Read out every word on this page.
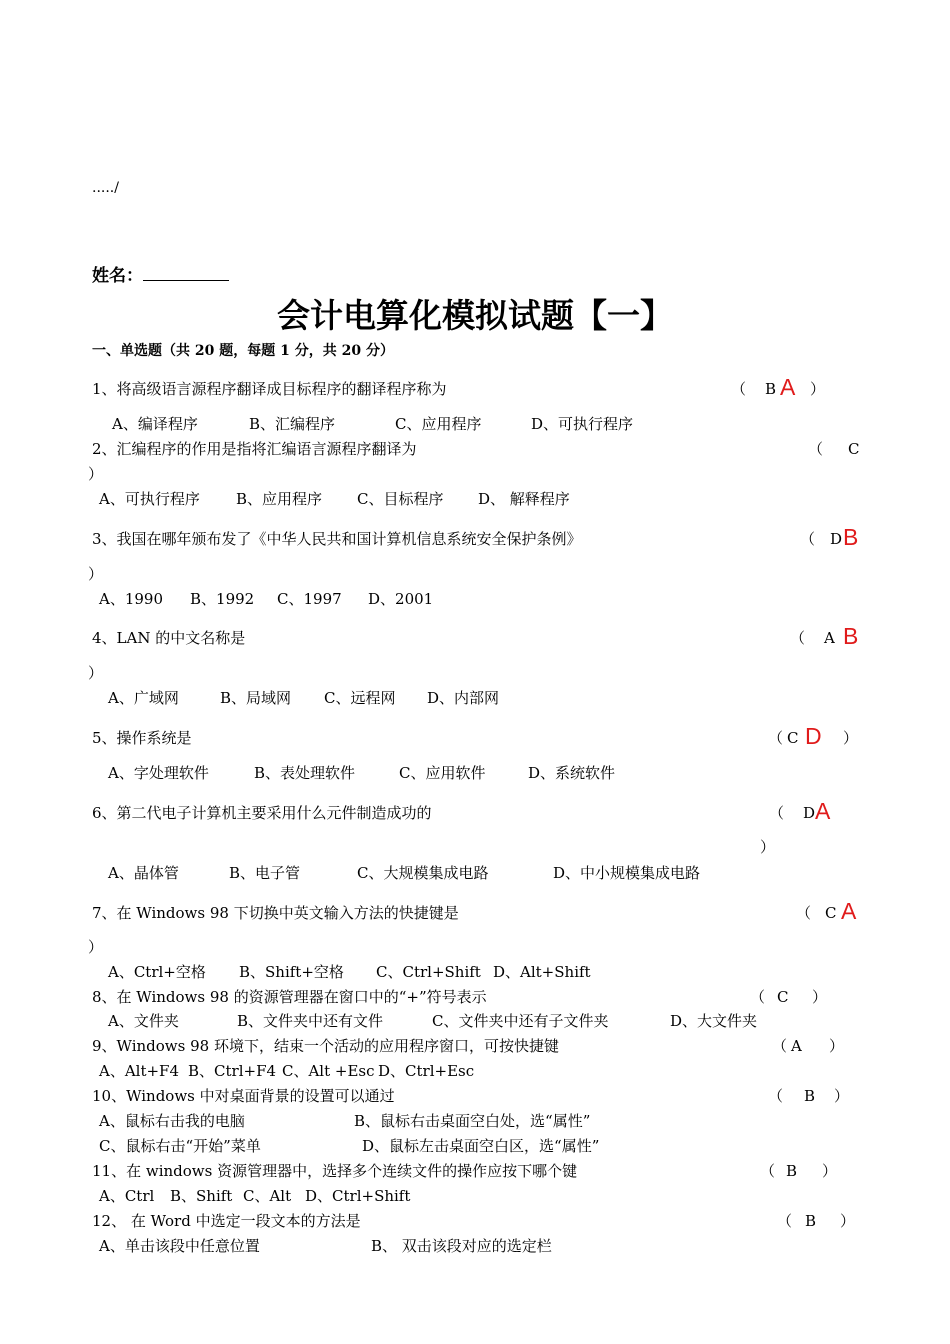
...../
姓名：
会计电算化模拟试题【一】
一、单选题（共 20 题，每题 1 分，共 20 分）
1、将高级语言源程序翻译成目标程序的翻译程序称为	（ B A ）
A、编译程序	B、汇编程序	C、应用程序	D、可执行程序
2、汇编程序的作用是指将汇编语言源程序翻译为	（ C
）
A、可执行程序 B、应用程序 C、目标程序 D、 解释程序
3、我国在哪年颁布发了《中华人民共和国计算机信息系统安全保护条例》	（ D B
）
A、1990 B、1992 C、1997 D、2001
4、LAN 的中文名称是	（ A B
）
A、广域网	B、局域网 C、远程网 D、内部网
5、操作系统是	（ C D ）
A、字处理软件	B、表处理软件	C、应用软件	D、系统软件
6、第二代电子计算机主要采用什么元件制造成功的	（ D A
）
A、晶体管	B、电子管	C、大规模集成电路	D、中小规模集成电路
7、在 Windows 98 下切换中英文输入方法的快捷键是	（ C A
）
A、Ctrl+空格 B、Shift+空格 C、Ctrl+Shift D、Alt+Shift
8、在 Windows 98 的资源管理器在窗口中的“+”符号表示	（ C ）
A、文件夹	B、文件夹中还有文件	C、文件夹中还有子文件夹	D、大文件夹
9、Windows 98 环境下，结束一个活动的应用程序窗口，可按快捷键	（ A ）
A、Alt+F4 B、Ctrl+F4 C、Alt +Esc D、Ctrl+Esc
10、Windows 中对桌面背景的设置可以通过	（ B ）
A、鼠标右击我的电脑	B、鼠标右击桌面空白处，选“属性”
C、鼠标右击“开始”菜单	D、鼠标左击桌面空白区，选“属性”
11、在 windows 资源管理器中，选择多个连续文件的操作应按下哪个键	（ B ）
A、Ctrl B、Shift C、Alt D、Ctrl+Shift
12、 在 Word 中选定一段文本的方法是	（ B ）
A、单击该段中任意位置	B、 双击该段对应的选定栏
